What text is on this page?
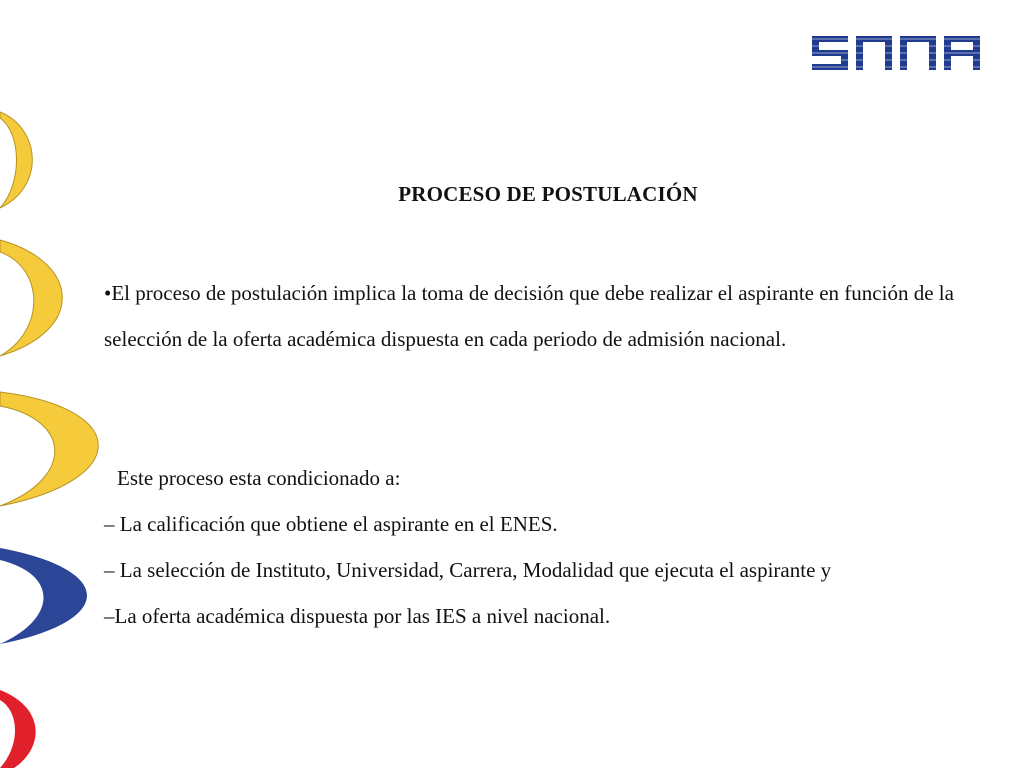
PROCESO DE POSTULACIÓN

•El proceso de postulación implica la toma de decisión que debe realizar el aspirante en función de la selección de la oferta académica dispuesta en cada periodo de admisión nacional.

Este proceso esta condicionado a:
– La calificación que obtiene el aspirante en el ENES.
– La selección de Instituto, Universidad, Carrera, Modalidad que ejecuta el aspirante y
–La oferta académica dispuesta por las IES a nivel nacional.
